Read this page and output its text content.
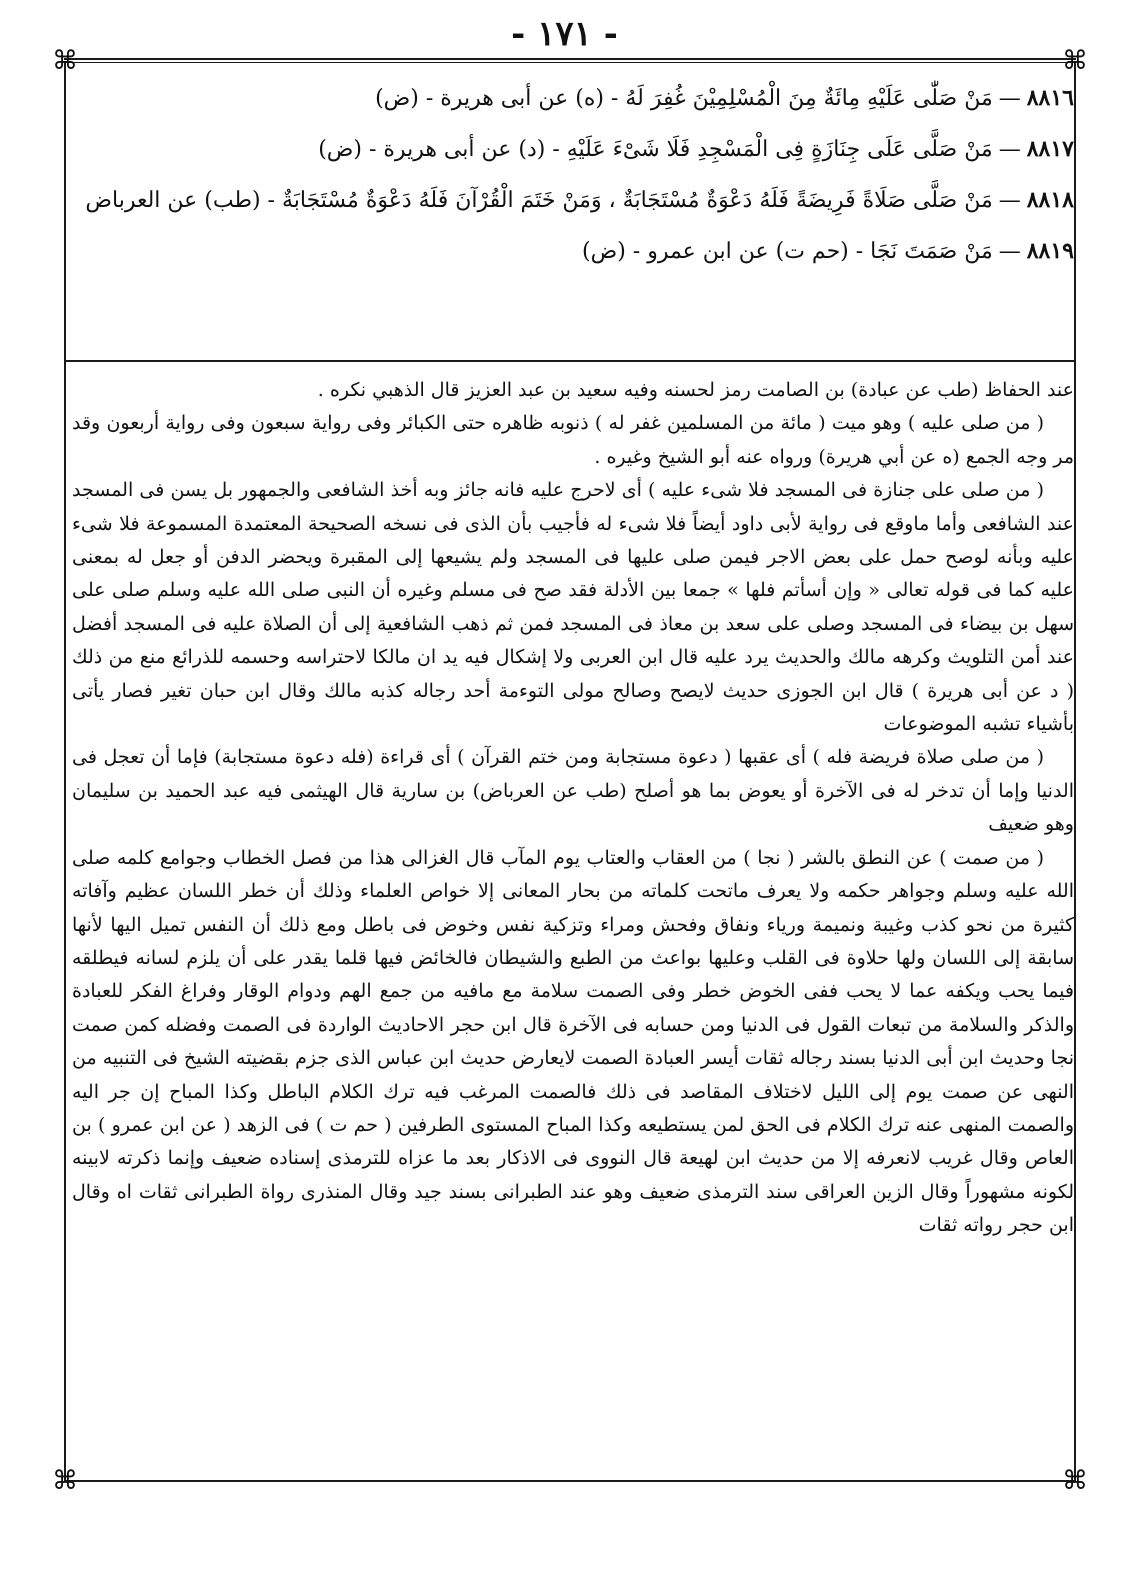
- ١٧١ -
⌘	⌘
⌘	⌘
٨٨١٦—مَنْ صَلّٰى عَلَيْهِ مِائَةٌ مِنَ الْمُسْلِمِيْنَ غُفِرَ لَهُ - (ه) عن أبى هريرة - (ض)
٨٨١٧—مَنْ صَلَّى عَلَى جِنَازَةٍ فِى الْمَسْجِدِ فَلَا شَىْءَ عَلَيْهِ - (د) عن أبى هريرة - (ض)
٨٨١٨—مَنْ صَلَّى صَلَاةً فَرِيضَةً فَلَهُ دَعْوَةٌ مُسْتَجَابَةٌ ، وَمَنْ خَتَمَ الْقُرْآنَ فَلَهُ دَعْوَةٌ مُسْتَجَابَةٌ - (طب) عن العرباض
٨٨١٩—مَنْ صَمَتَ نَجَا - (حم ت) عن ابن عمرو - (ض)

عند الحفاظ (طب عن عبادة) بن الصامت رمز لحسنه وفيه سعيد بن عبد العزيز قال الذهبي نكره .

( من صلى عليه ) وهو ميت ( مائة من المسلمين غفر له ) ذنوبه ظاهره حتى الكبائر وفى رواية سبعون وفى رواية أربعون وقد مر وجه الجمع (ه عن أبي هريرة) ورواه عنه أبو الشيخ وغيره .

( من صلى على جنازة فى المسجد فلا شىء عليه ) أى لاحرج عليه فانه جائز وبه أخذ الشافعى والجمهور بل يسن فى المسجد عند الشافعى وأما ماوقع فى رواية لأبى داود أيضاً فلا شىء له فأجيب بأن الذى فى نسخه الصحيحة المعتمدة المسموعة فلا شىء عليه وبأنه لوصح حمل على بعض الاجر فيمن صلى عليها فى المسجد ولم يشيعها إلى المقبرة ويحضر الدفن أو جعل له بمعنى عليه كما فى قوله تعالى « وإن أسأتم فلها » جمعا بين الأدلة فقد صح فى مسلم وغيره أن النبى صلى الله عليه وسلم صلى على سهل بن بيضاء فى المسجد وصلى على سعد بن معاذ فى المسجد فمن ثم ذهب الشافعية إلى أن الصلاة عليه فى المسجد أفضل عند أمن التلويث وكرهه مالك والحديث يرد عليه قال ابن العربى ولا إشكال فيه يد ان مالكا لاحتراسه وحسمه للذرائع منع من ذلك ( د عن أبى هريرة ) قال ابن الجوزى حديث لايصح وصالح مولى التوءمة أحد رجاله كذبه مالك وقال ابن حبان تغير فصار يأتى بأشياء تشبه الموضوعات

( من صلى صلاة فريضة فله ) أى عقبها ( دعوة مستجابة ومن ختم القرآن ) أى قراءة (فله دعوة مستجابة) فإما أن تعجل فى الدنيا وإما أن تدخر له فى الآخرة أو يعوض بما هو أصلح (طب عن العرباض) بن سارية قال الهيثمى فيه عبد الحميد بن سليمان وهو ضعيف

( من صمت ) عن النطق بالشر ( نجا ) من العقاب والعتاب يوم المآب قال الغزالى هذا من فصل الخطاب وجوامع كلمه صلى الله عليه وسلم وجواهر حكمه ولا يعرف ماتحت كلماته من بحار المعانى إلا خواص العلماء وذلك أن خطر اللسان عظيم وآفاته كثيرة من نحو كذب وغيبة ونميمة ورياء ونفاق وفحش ومراء وتزكية نفس وخوض فى باطل ومع ذلك أن النفس تميل اليها لأنها سابقة إلى اللسان ولها حلاوة فى القلب وعليها بواعث من الطبع والشيطان فالخائض فيها قلما يقدر على أن يلزم لسانه فيطلقه فيما يحب ويكفه عما لا يحب ففى الخوض خطر وفى الصمت سلامة مع مافيه من جمع الهم ودوام الوقار وفراغ الفكر للعبادة والذكر والسلامة من تبعات القول فى الدنيا ومن حسابه فى الآخرة قال ابن حجر الاحاديث الواردة فى الصمت وفضله كمن صمت نجا وحديث ابن أبى الدنيا بسند رجاله ثقات أيسر العبادة الصمت لايعارض حديث ابن عباس الذى جزم بقضيته الشيخ فى التنبيه من النهى عن صمت يوم إلى الليل لاختلاف المقاصد فى ذلك فالصمت المرغب فيه ترك الكلام الباطل وكذا المباح إن جر اليه والصمت المنهى عنه ترك الكلام فى الحق لمن يستطيعه وكذا المباح المستوى الطرفين ( حم ت ) فى الزهد ( عن ابن عمرو ) بن العاص وقال غريب لانعرفه إلا من حديث ابن لهيعة قال النووى فى الاذكار بعد ما عزاه للترمذى إسناده ضعيف وإنما ذكرته لابينه لكونه مشهوراً وقال الزين العراقى سند الترمذى ضعيف وهو عند الطبرانى بسند جيد وقال المنذرى رواة الطبرانى ثقات اه وقال ابن حجر رواته ثقات
